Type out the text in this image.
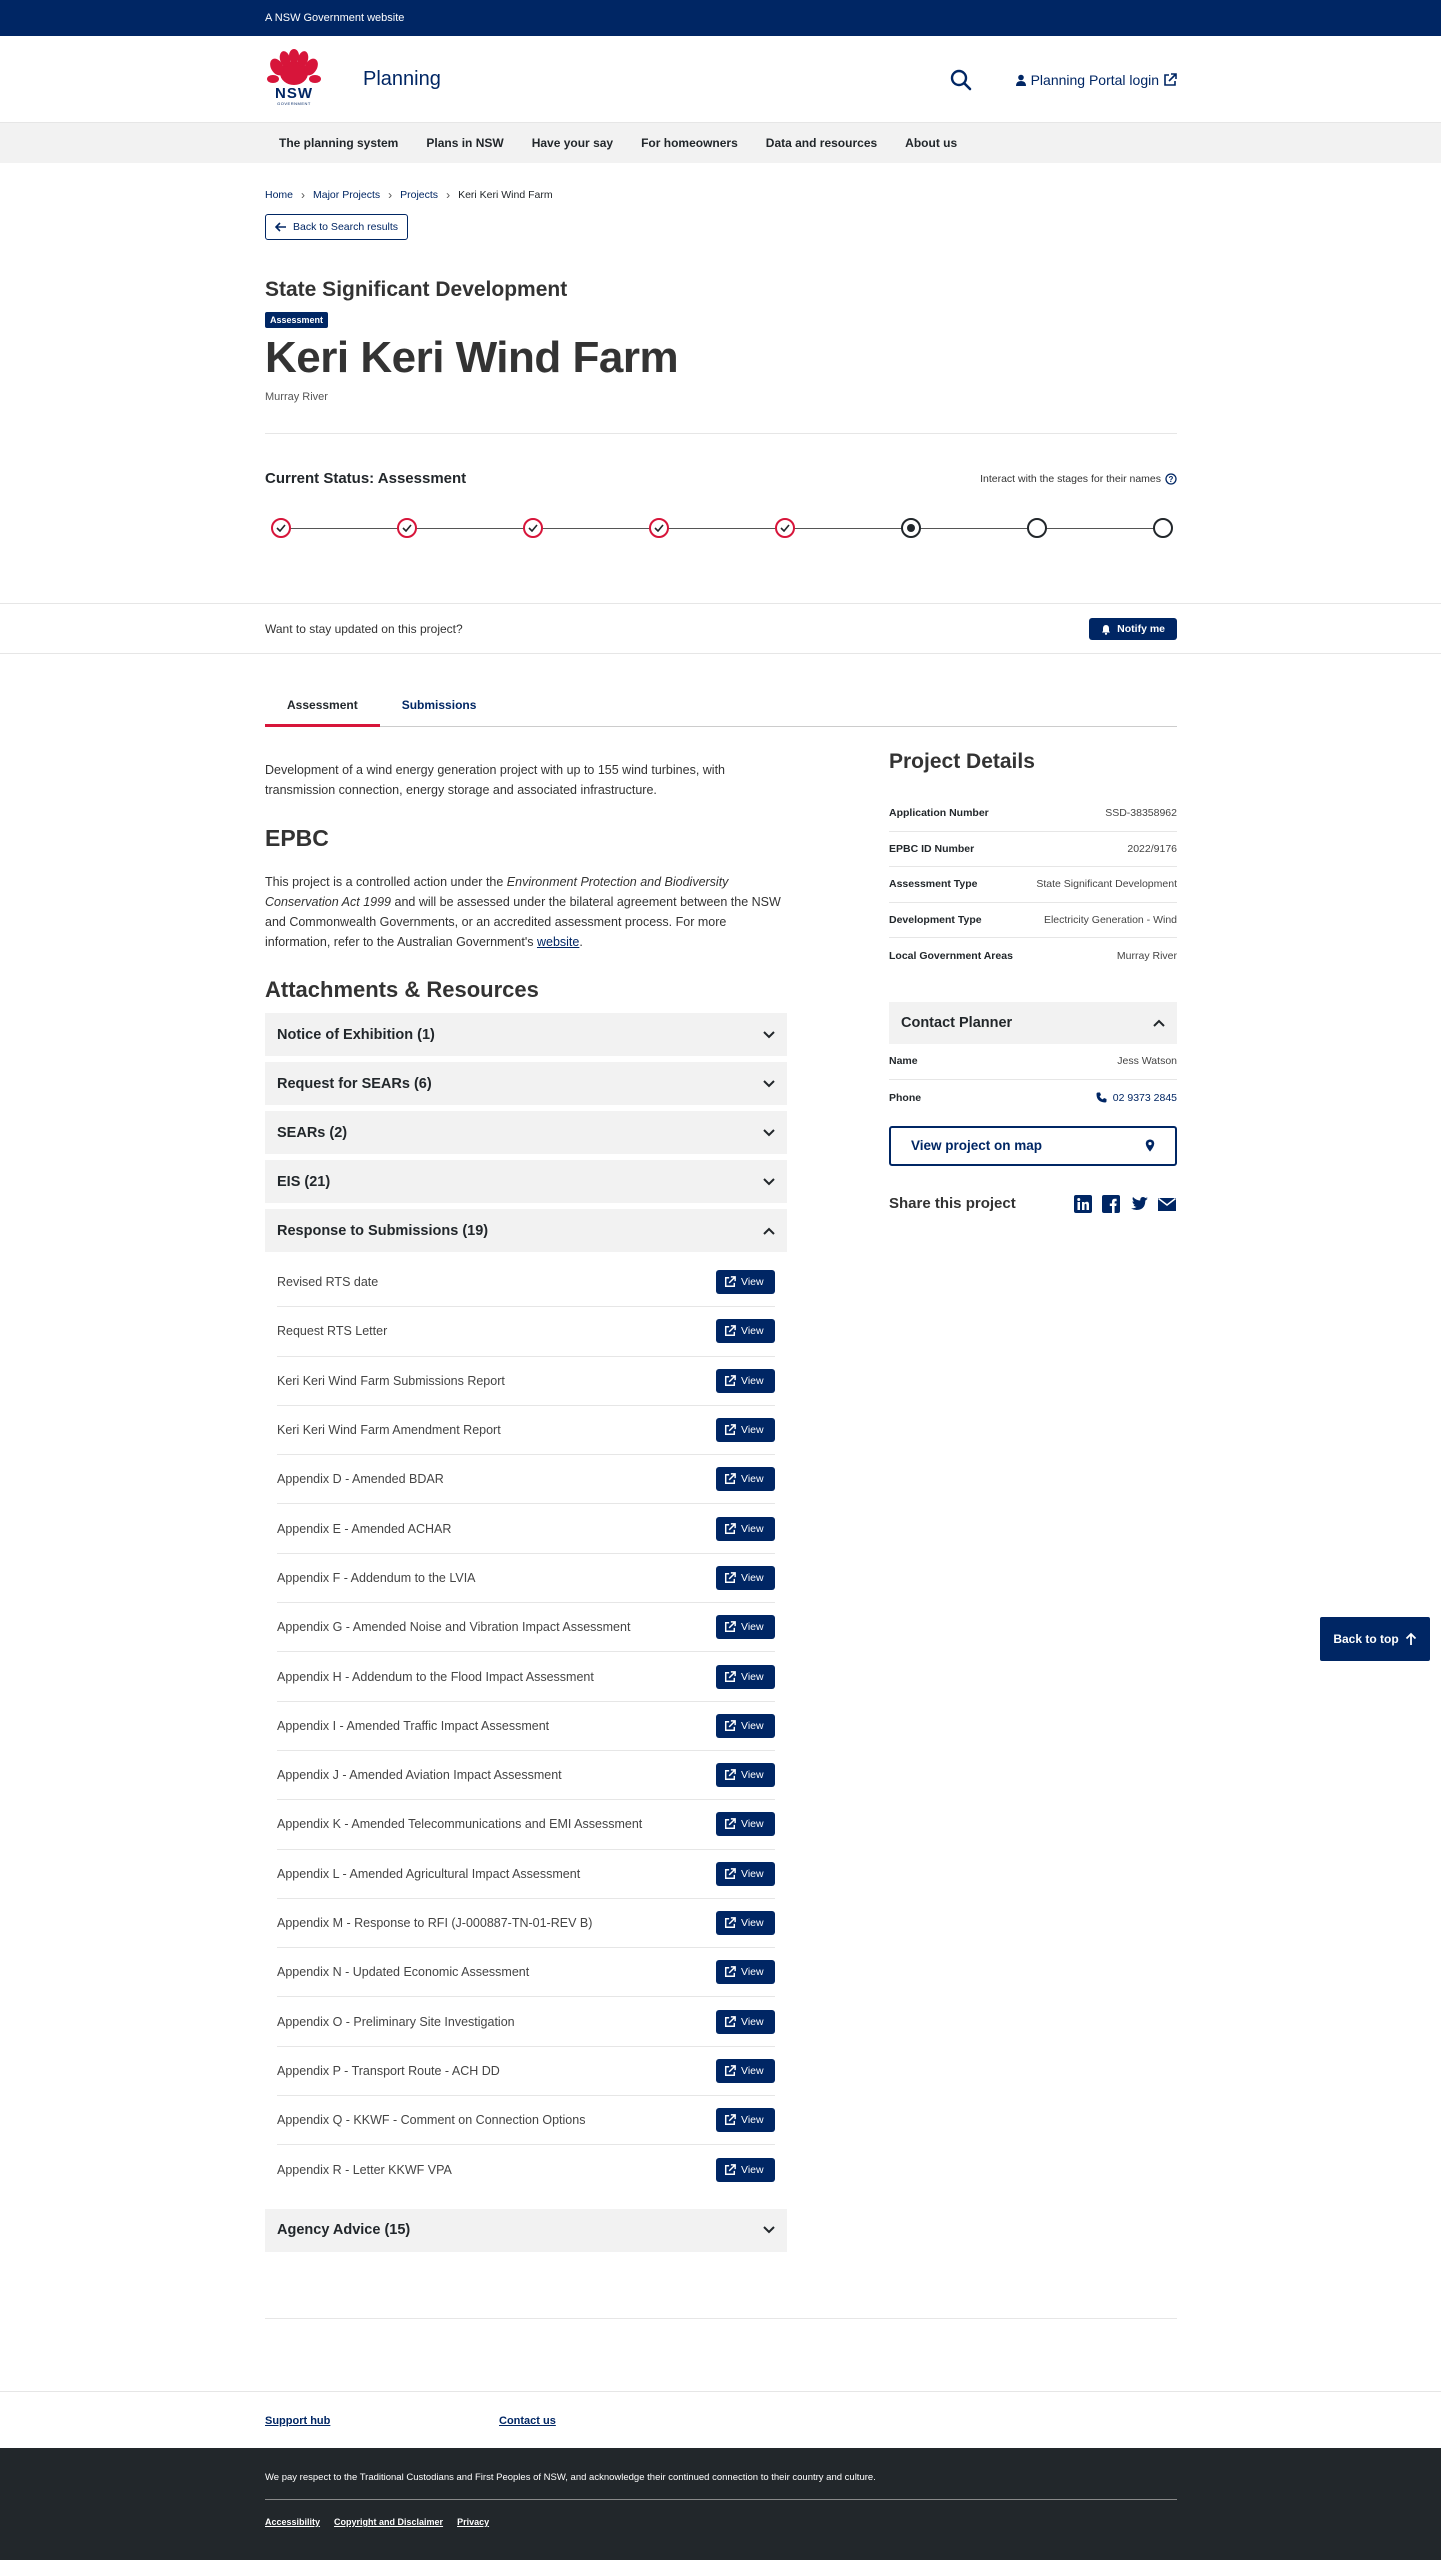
A NSW Government website
NSW
GOVERNMENT
Planning	Planning Portal login
The planning system	Plans in NSW	Have your say	For homeowners	Data and resources	About us
Home › Major Projects › Projects › Keri Keri Wind Farm
Back to Search results
State Significant Development
Assessment
Keri Keri Wind Farm
Murray River
Current Status: Assessment	Interact with the stages for their names ?
Want to stay updated on this project?	Notify me
Assessment	Submissions

Development of a wind energy generation project with up to 155 wind turbines, with transmission connection, energy storage and associated infrastructure.

EPBC

This project is a controlled action under the Environment Protection and Biodiversity Conservation Act 1999 and will be assessed under the bilateral agreement between the NSW and Commonwealth Governments, or an accredited assessment process. For more information, refer to the Australian Government's website.

Attachments & Resources
Notice of Exhibition (1)
Request for SEARs (6)
SEARs (2)
EIS (21)
Response to Submissions (19)
Revised RTS date	View
Request RTS Letter	View
Keri Keri Wind Farm Submissions Report	View
Keri Keri Wind Farm Amendment Report	View
Appendix D - Amended BDAR	View
Appendix E - Amended ACHAR	View
Appendix F - Addendum to the LVIA	View
Appendix G - Amended Noise and Vibration Impact Assessment	View
Appendix H - Addendum to the Flood Impact Assessment	View
Appendix I - Amended Traffic Impact Assessment	View
Appendix J - Amended Aviation Impact Assessment	View
Appendix K - Amended Telecommunications and EMI Assessment	View
Appendix L - Amended Agricultural Impact Assessment	View
Appendix M - Response to RFI (J-000887-TN-01-REV B)	View
Appendix N - Updated Economic Assessment	View
Appendix O - Preliminary Site Investigation	View
Appendix P - Transport Route - ACH DD	View
Appendix Q - KKWF - Comment on Connection Options	View
Appendix R - Letter KKWF VPA	View
Agency Advice (15)
Project Details
Application Number	SSD-38358962
EPBC ID Number	2022/9176
Assessment Type	State Significant Development
Development Type	Electricity Generation - Wind
Local Government Areas	Murray River
Contact Planner
Name	Jess Watson
Phone	02 9373 2845
View project on map
Share this project
Back to top
Support hub	Contact us

We pay respect to the Traditional Custodians and First Peoples of NSW, and acknowledge their continued connection to their country and culture.

Accessibility Copyright and Disclaimer Privacy
